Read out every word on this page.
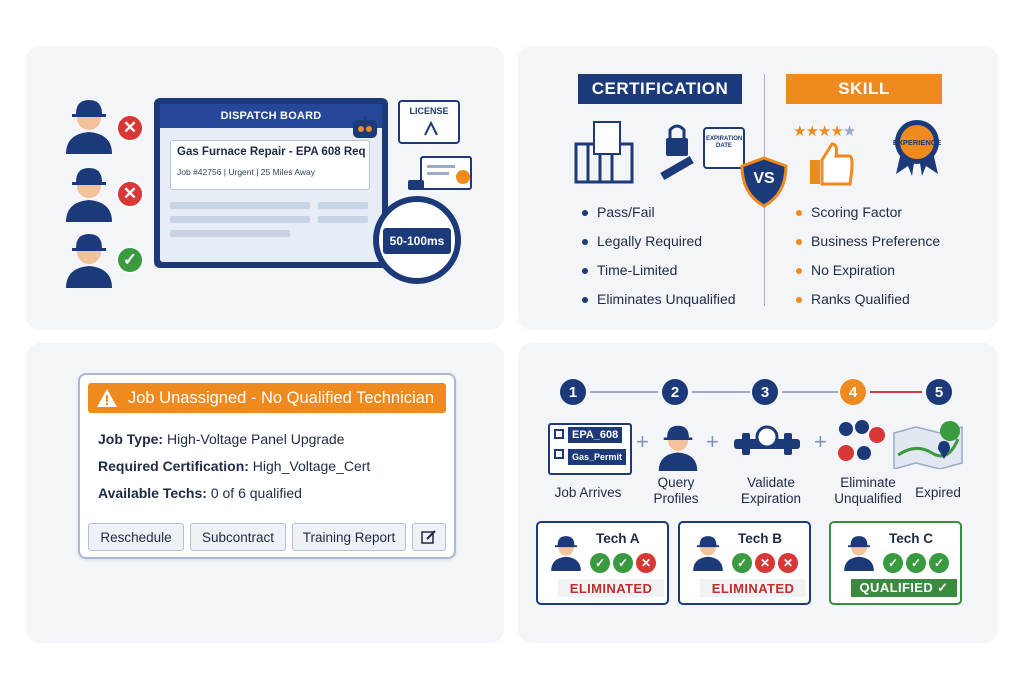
✕
✕
✓
DISPATCH BOARD
Gas Furnace Repair - EPA 608 Req
Job #42756 | Urgent | 25 Miles Away
LICENSE
50-100ms
CERTIFICATION	SKILL
EXPIRATION DATE
VS
★★★★★
EXPERIENCE
Pass/Fail
Legally Required
Time-Limited
Eliminates Unqualified
Scoring Factor
Business Preference
No Expiration
Ranks Qualified
Job Unassigned - No Qualified Technician
Job Type: High-Voltage Panel Upgrade
Required Certification: High_Voltage_Cert
Available Techs: 0 of 6 qualified
Reschedule	Subcontract	Training Report
1	2	3	4	5
EPA_608
Gas_Permit
+	+	+
Job Arrives
Query
Profiles
Validate
Expiration
Eliminate
Unqualified Expired
Tech A
✓	✓	✕
ELIMINATED
Tech B
✓	✕	✕
ELIMINATED
Tech C
✓	✓	✓
QUALIFIED ✓
